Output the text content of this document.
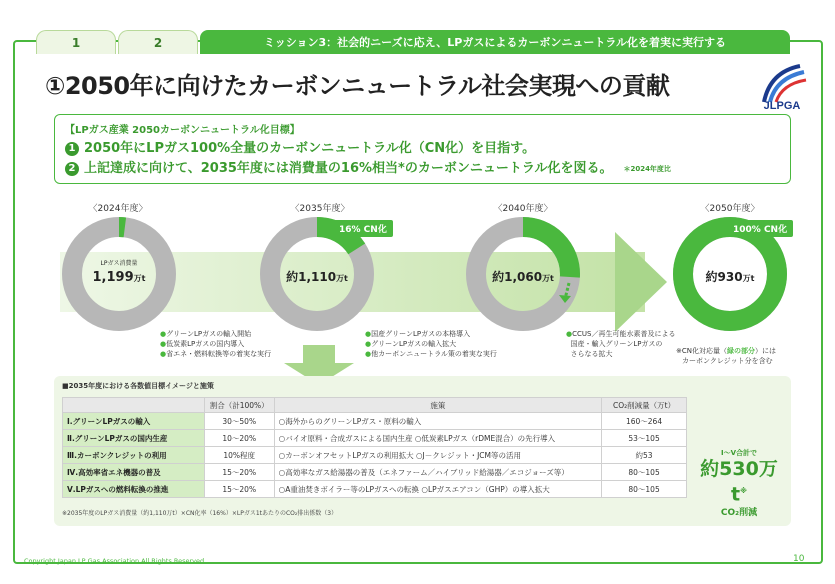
1	2	ミッション3：社会的ニーズに応え、LPガスによるカーボンニュートラル化を着実に実行する
①2050年に向けたカーボンニュートラル社会実現への貢献
JLPGA
【LPガス産業 2050カーボンニュートラル化目標】
1 2050年にLPガス100%全量のカーボンニュートラル化（CN化）を目指す。
2 上記達成に向けて、2035年度には消費量の16%相当*のカーボンニュートラル化を図る。 ＊2024年度比
〈2024年度〉
LPガス消費量
1,199万t
〈2035年度〉
16% CN化
約1,110万t
〈2040年度〉
約1,060万t
〈2050年度〉
100% CN化
約930万t
●グリーンLPガスの輸入開始
●低炭素LPガスの国内導入
●省エネ・燃料転換等の着実な実行
●国産グリーンLPガスの本格導入
●グリーンLPガスの輸入拡大
●他カーボンニュートラル策の着実な実行
●CCUS／再生可能水素普及による
国産・輸入グリーンLPガスの
さらなる拡大	※CN化対応量（緑の部分）には
カーボンクレジット分を含む
■2035年度における各数値目標イメージと施策
	割合（計100%）	施策	CO₂削減量（万t）
Ⅰ.グリーンLPガスの輸入	30〜50%	○海外からのグリーンLPガス・原料の輸入	160〜264
Ⅱ.グリーンLPガスの国内生産	10〜20%	○バイオ原料・合成ガスによる国内生産 ○低炭素LPガス（rDME混合）の先行導入	53〜105
Ⅲ.カーボンクレジットの利用	10%程度	○カーボンオフセットLPガスの利用拡大 ○J－クレジット・JCM等の活用	約53
Ⅳ.高効率省エネ機器の普及	15〜20%	○高効率なガス給湯器の普及（エネファーム／ハイブリッド給湯器／エコジョーズ等）	80〜105
Ⅴ.LPガスへの燃料転換の推進	15〜20%	○A重油焚きボイラー等のLPガスへの転換 ○LPガスエアコン（GHP）の導入拡大	80〜105
Ⅰ～Ⅴ合計で
約530万t※
CO₂削減
※2035年度のLPガス消費量（約1,110万t）×CN化率（16%）×LPガス1tあたりのCO₂排出係数（3）
Copyright Japan LP Gas Association All Rights Reserved.	10
